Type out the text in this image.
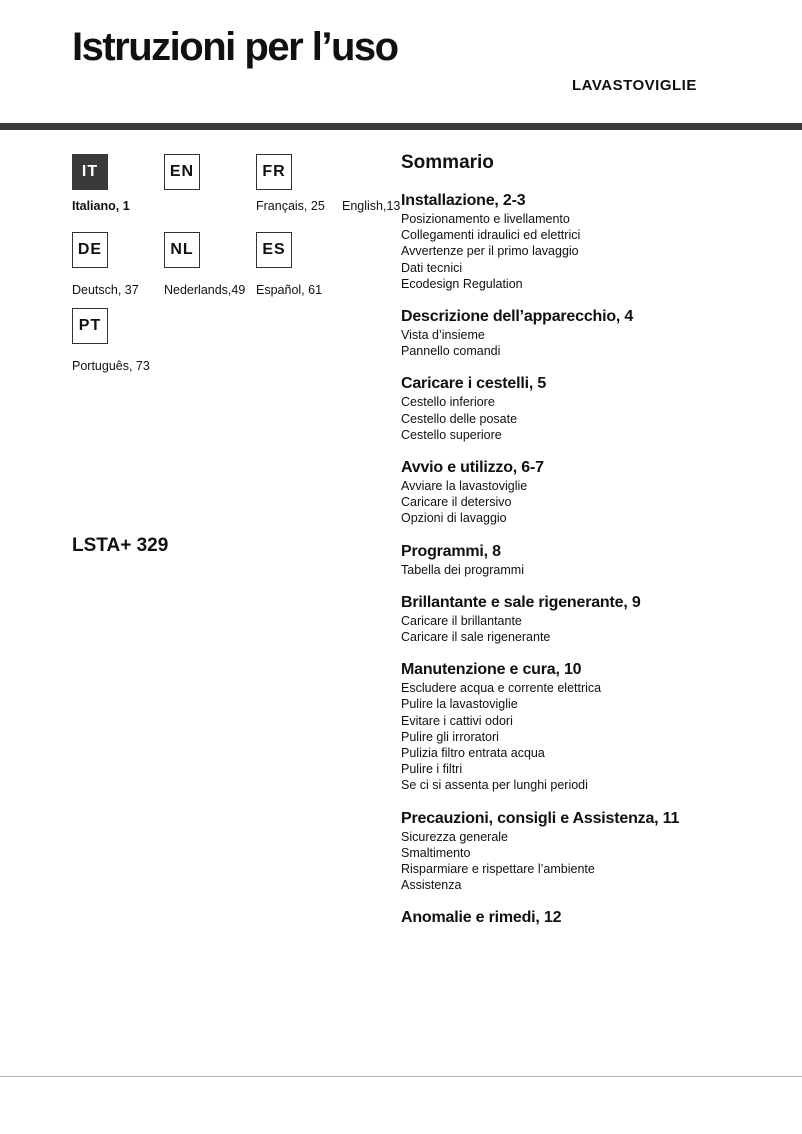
Istruzioni per l’uso
LAVASTOVIGLIE
IT	EN	FR
Italiano, 1	Français, 25 English,13
DE	NL	ES
Deutsch, 37 Nederlands,49 Español, 61
PT
Português, 73
LSTA+ 329
Sommario
Installazione, 2-3
Posizionamento e livellamento
Collegamenti idraulici ed elettrici
Avvertenze per il primo lavaggio
Dati tecnici
Ecodesign Regulation
Descrizione dell’apparecchio, 4
Vista d’insieme
Pannello comandi
Caricare i cestelli, 5
Cestello inferiore
Cestello delle posate
Cestello superiore
Avvio e utilizzo, 6-7
Avviare la lavastoviglie
Caricare il detersivo
Opzioni di lavaggio
Programmi, 8
Tabella dei programmi
Brillantante e sale rigenerante, 9
Caricare il brillantante
Caricare il sale rigenerante
Manutenzione e cura, 10
Escludere acqua e corrente elettrica
Pulire la lavastoviglie
Evitare i cattivi odori
Pulire gli irroratori
Pulizia filtro entrata acqua
Pulire i filtri
Se ci si assenta per lunghi periodi
Precauzioni, consigli e Assistenza, 11
Sicurezza generale
Smaltimento
Risparmiare e rispettare l’ambiente
Assistenza
Anomalie e rimedi, 12
